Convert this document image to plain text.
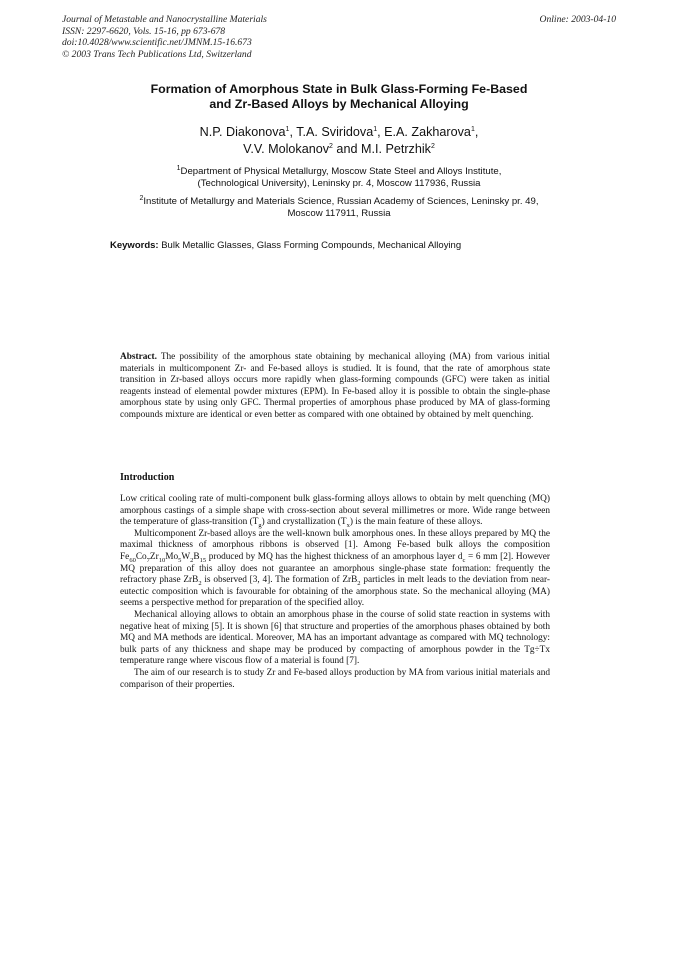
Journal of Metastable and Nanocrystalline Materials
ISSN: 2297-6620, Vols. 15-16, pp 673-678
doi:10.4028/www.scientific.net/JMNM.15-16.673
© 2003 Trans Tech Publications Ltd, Switzerland
Online: 2003-04-10
Formation of Amorphous State in Bulk Glass-Forming Fe-Based
and Zr-Based Alloys by Mechanical Alloying
N.P. Diakonova$^1$, T.A. Sviridova$^1$, E.A. Zakharova$^1$,
V.V. Molokanov$^2$ and M.I. Petrzhik$^2$
$^1$Department of Physical Metallurgy, Moscow State Steel and Alloys Institute,
(Technological University), Leninsky pr. 4, Moscow 117936, Russia
$^2$Institute of Metallurgy and Materials Science, Russian Academy of Sciences, Leninsky pr. 49,
Moscow 117911, Russia
Keywords: Bulk Metallic Glasses, Glass Forming Compounds, Mechanical Alloying
Abstract. The possibility of the amorphous state obtaining by mechanical alloying (MA) from various initial materials in multicomponent Zr- and Fe-based alloys is studied. It is found, that the rate of amorphous state transition in Zr-based alloys occurs more rapidly when glass-forming compounds (GFC) were taken as initial reagents instead of elemental powder mixtures (EPM). In Fe-based alloy it is possible to obtain the single-phase amorphous state by using only GFC. Thermal properties of amorphous phase produced by MA of glass-forming compounds mixture are identical or even better as compared with one obtained by obtained by melt quenching.
Introduction

Low critical cooling rate of multi-component bulk glass-forming alloys allows to obtain by melt quenching (MQ) amorphous castings of a simple shape with cross-section about several millimetres or more. Wide range between the temperature of glass-transition $(T_g)$ and crystallization $(T_x)$ is the main feature of these alloys.

Multicomponent Zr-based alloys are the well-known bulk amorphous ones. In these alloys prepared by MQ the maximal thickness of amorphous ribbons is observed [1]. Among Fe-based bulk alloys the composition $Fe_{60}Co_7Zr_{10}Mo_5W_2B_{15}$ produced by MQ has the highest thickness of an amorphous layer $d_c = 6$ mm [2]. However MQ preparation of this alloy does not guarantee an amorphous single-phase state formation: frequently the refractory phase ZrB$_2$ is observed [3, 4]. The formation of ZrB$_2$ particles in melt leads to the deviation from near-eutectic composition which is favourable for obtaining of the amorphous state. So the mechanical alloying (MA) seems a perspective method for preparation of the specified alloy.

Mechanical alloying allows to obtain an amorphous phase in the course of solid state reaction in systems with negative heat of mixing [5]. It is shown [6] that structure and properties of the amorphous phases obtained by both MQ and MA methods are identical. Moreover, MA has an important advantage as compared with MQ technology: bulk parts of any thickness and shape may be produced by compacting of amorphous powder in the Tg÷Tx temperature range where viscous flow of a material is found [7].

The aim of our research is to study Zr and Fe-based alloys production by MA from various initial materials and comparison of their properties.
